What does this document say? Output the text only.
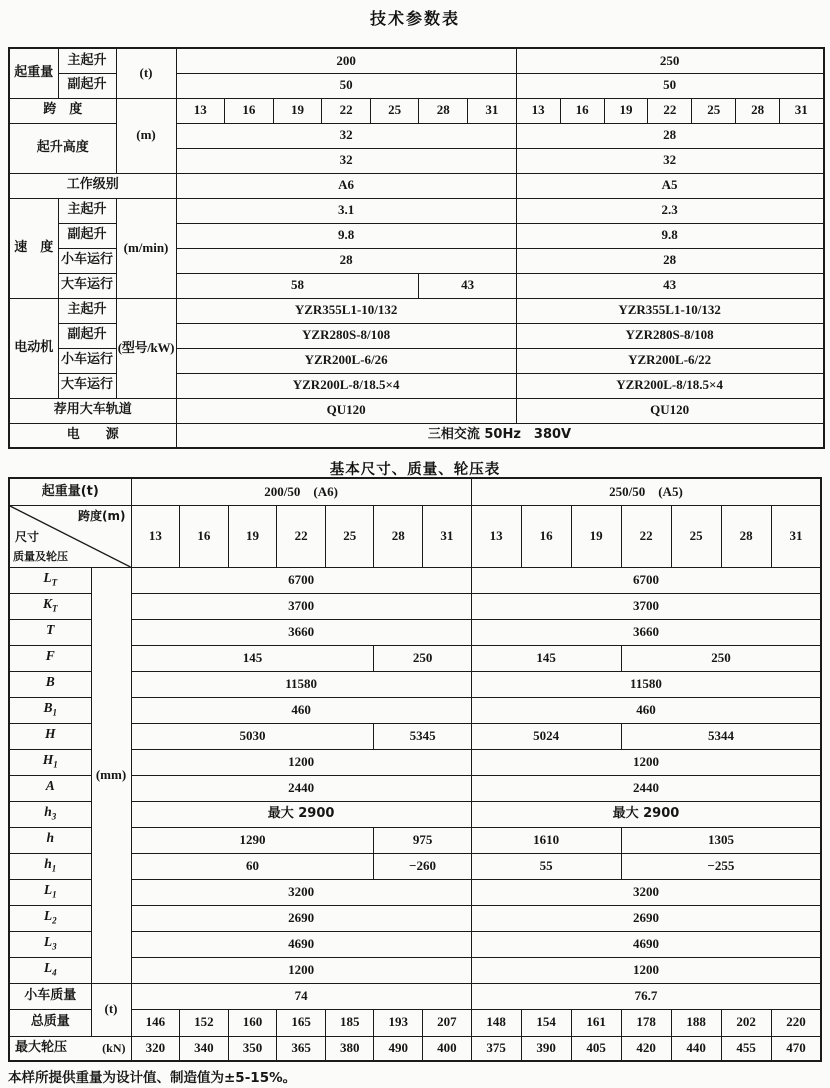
技术参数表
起重量	主起升	(t)	200							250						
	副起升		50							50						
跨　度		(m)	13	16	19	22	25	28	31	13	16	19	22	25	28	31
起升高度			32							28						
			32							32						
工作级别			A6							A5						
速　度	主起升	(m/min)	3.1							2.3						
	副起升		9.8							9.8						
	小车运行		28							28						
	大车运行		58					43		43						
电动机	主起升	(型号/kW)	YZR355L1-10/132							YZR355L1-10/132						
	副起升		YZR280S-8/108							YZR280S-8/108						
	小车运行		YZR200L-6/26							YZR200L-6/22						
	大车运行		YZR200L-8/18.5×4							YZR200L-8/18.5×4						
荐用大车轨道			QU120							QU120						
电　　源			三相交流 50Hz　380V													
基本尺寸、质量、轮压表
起重量(t)		200/50　(A6)							250/50　(A5)						

跨度(m)
尺寸
质量及轮压		13	16	19	22	25	28	31	13	16	19	22	25	28	31
$L_T$	(mm)	6700							6700						
$K_T$		3700							3700						
T		3660							3660						
F		145					250		145			250			
B		11580							11580						
$B_1$		460							460						
H		5030					5345		5024			5344			
$H_1$		1200							1200						
A		2440							2440						
$h_3$		最大 2900							最大 2900						
h		1290					975		1610			1305			
$h_1$		60					−260		55			−255			
$L_1$		3200							3200						
$L_2$		2690							2690						
$L_3$		4690							4690						
$L_4$		1200							1200						
小车质量	(t)	74							76.7						
总质量		146	152	160	165	185	193	207	148	154	161	178	188	202	220

最大轮压 (kN)		320	340	350	365	380	490	400	375	390	405	420	440	455	470
本样所提供重量为设计值、制造值为±5-15%。
